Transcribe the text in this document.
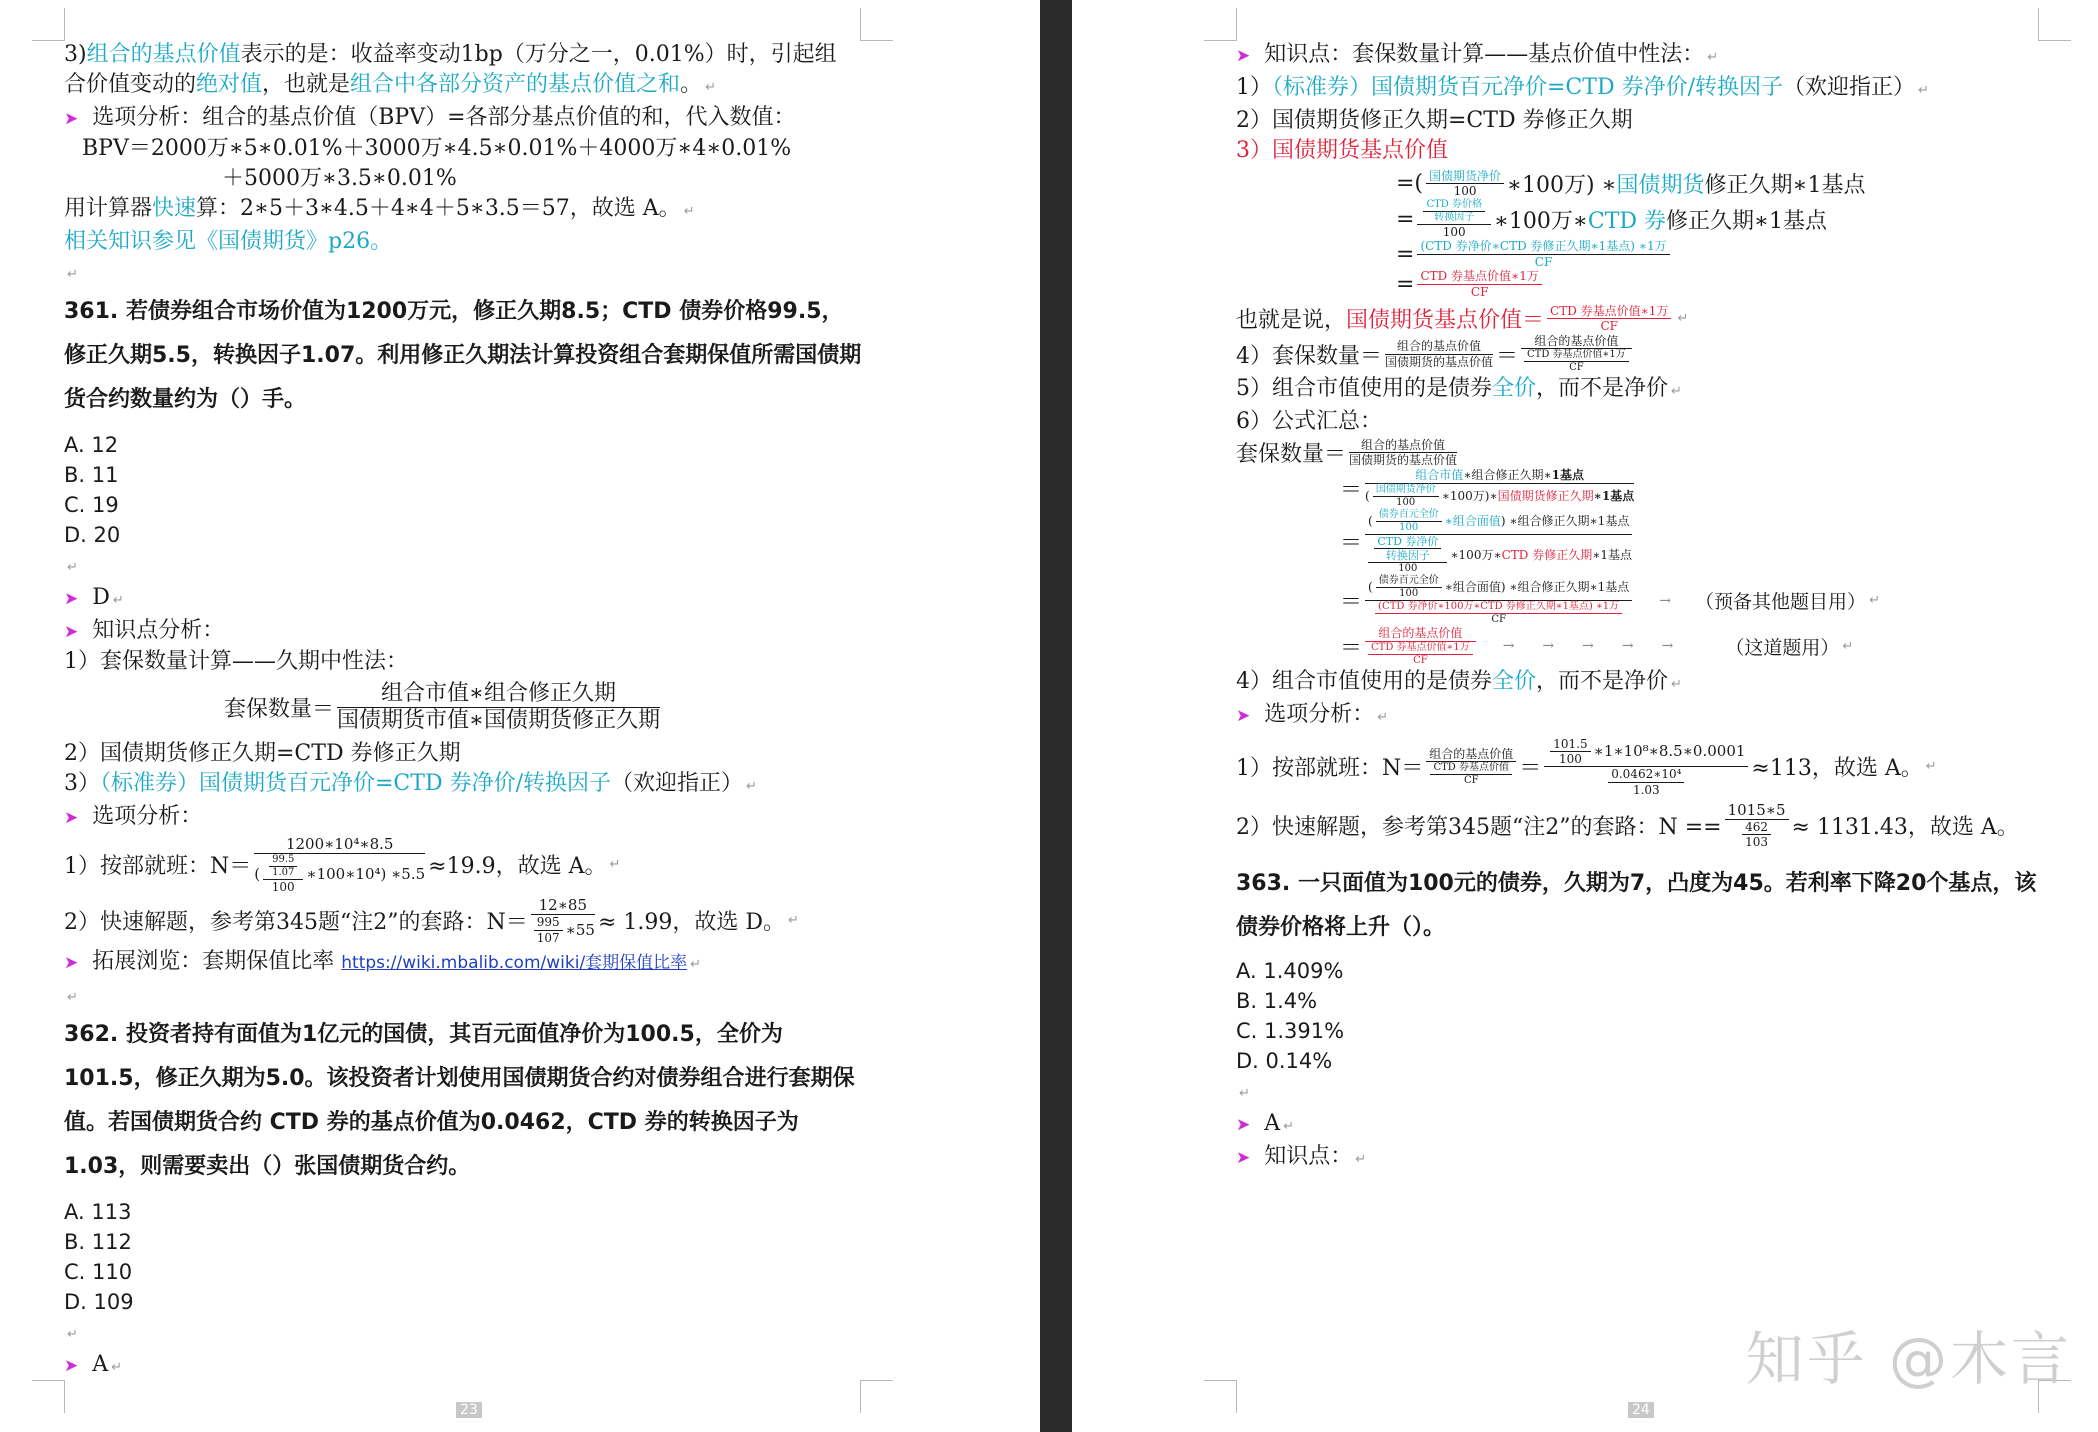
3)组合的基点价值表示的是：收益率变动1bp（万分之一，0.01%）时，引起组

合价值变动的绝对值，也就是组合中各部分资产的基点价值之和。 ↵

➤ 选项分析：组合的基点价值（BPV）=各部分基点价值的和，代入数值：

BPV＝2000万∗5∗0.01%＋3000万∗4.5∗0.01%＋4000万∗4∗0.01%

＋5000万∗3.5∗0.01%

用计算器快速算：2∗5＋3∗4.5＋4∗4＋5∗3.5＝57，故选 A。 ↵

相关知识参见《国债期货》p26。

↵

361. 若债券组合市场价值为1200万元，修正久期8.5；CTD 债券价格99.5，修正久期5.5，转换因子1.07。利用修正久期法计算投资组合套期保值所需国债期货合约数量约为（）手。

A. 12

B. 11

C. 19

D. 20

↵

➤ D ↵

➤ 知识点分析：

1）套保数量计算——久期中性法：

套保数量＝ $\frac{\text{组合市值∗组合修正久期}}{\text{国债期货市值∗国债期货修正久期}}$

2）国债期货修正久期=CTD 券修正久期

3）（标准券）国债期货百元净价=CTD 券净价/转换因子（欢迎指正） ↵

➤ 选项分析：

1）按部就班：$N= \frac{\text{1200∗10⁴∗8.5}}{( \frac{\frac{99.5}{1.07}}{100} ∗100∗10^4) ∗5.5} \approx 19.9$，故选 A。 ↵
2）快速解题，参考第345题“注2”的套路：$N= \frac{12∗85}{\frac{995}{107} ∗55} \approx 1.99$，故选 D。 ↵

➤ 拓展浏览：套期保值比率 https://wiki.mbalib.com/wiki/套期保值比率 ↵

↵

362. 投资者持有面值为1亿元的国债，其百元面值净价为100.5，全价为101.5，修正久期为5.0。该投资者计划使用国债期货合约对债券组合进行套期保值。若国债期货合约 CTD 券的基点价值为0.0462，CTD 券的转换因子为1.03，则需要卖出（）张国债期货合约。

A. 113

B. 112

C. 110

D. 109

↵

➤ A ↵

23

➤ 知识点：套保数量计算——基点价值中性法： ↵

1）（标准券）国债期货百元净价=CTD 券净价/转换因子（欢迎指正） ↵

2）国债期货修正久期=CTD 券修正久期

3）国债期货基点价值

=( $\frac{\text{国债期货净价}}{100}$ ∗100万) ∗ 国债期货 修正久期∗1基点
= $\frac{\frac{\text{CTD 券价格}}{\text{转换因子}}}{100}$ ∗100万∗ CTD 券 修正久期∗1基点
= $\frac{\text{(CTD 券净价∗CTD 券修正久期∗1基点) ∗1万}}{CF}$
= $\frac{\text{CTD 券基点价值∗1万}}{CF}$
也就是说， 国债期货基点价值＝ $\frac{\text{CTD 券基点价值∗1万}}{CF}$ ↵
4）套保数量＝ $\frac{\text{组合的基点价值}}{\text{国债期货的基点价值}} = \frac{\text{组合的基点价值}}{\frac{\text{CTD 券基点价值∗1万}}{CF}}$

5）组合市值使用的是债券全价，而不是净价 ↵

6）公式汇总：

套保数量＝ $\frac{\text{组合的基点价值}}{\text{国债期货的基点价值}}$
＝ $\frac{\text{组合市值∗组合修正久期∗1基点}}{( \frac{\text{国债期货净价}}{100} ∗100万)∗ 国债期货修正久期 ∗1基点}$
＝ $\frac{( \frac{\text{债券百元全价}}{100} ∗组合面值 ) ∗组合修正久期∗1基点}{\frac{\frac{\text{CTD 券净价}}{\text{转换因子}}}{100} ∗100万∗ CTD 券修正久期 ∗1基点}$
＝ $\frac{( \frac{\text{债券百元全价}}{100} ∗组合面值) ∗组合修正久期∗1基点}{\frac{\text{(CTD 券净价∗100万∗CTD 券修正久期∗1基点) ∗1万}}{CF}}$ → （预备其他题目用） ↵
＝ $\frac{\text{组合的基点价值}}{\frac{\text{CTD 券基点价值∗1万}}{CF}}$ →→→→→ （这道题用） ↵

4）组合市值使用的是债券全价，而不是净价 ↵

➤ 选项分析： ↵

1）按部就班：$N= \frac{\text{组合的基点价值}}{\frac{\text{CTD 券基点价值}}{CF}} = \frac{\frac{101.5}{100} ∗1∗10^8∗8.5∗0.0001}{\frac{\text{0.0462∗10⁴}}{1.03}} \approx 113$，故选 A。 ↵
2）快速解题，参考第345题“注2”的套路：$N == \frac{1015∗5}{\frac{462}{103}} \approx 1131.43$，故选 A。
363. 一只面值为100元的债券，久期为7，凸度为45。若利率下降20个基点，该债券价格将上升（）。

A. 1.409%

B. 1.4%

C. 1.391%

D. 0.14%

↵

➤ A ↵

➤ 知识点： ↵

知乎 @木言
24
